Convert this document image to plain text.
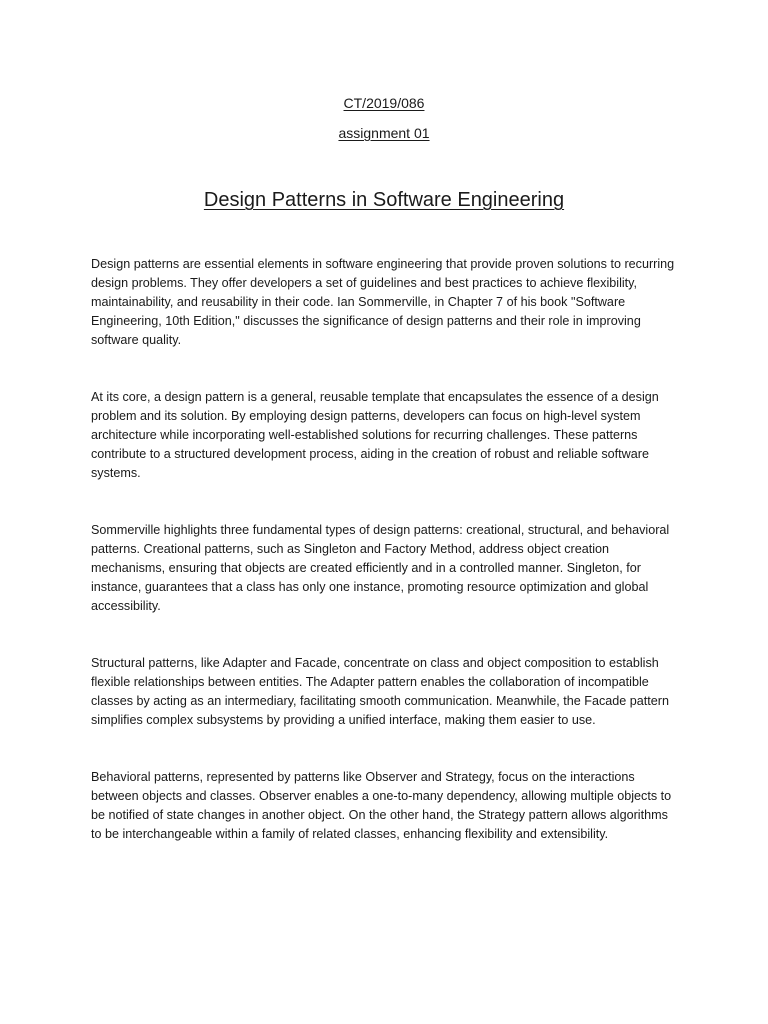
CT/2019/086
assignment 01
Design Patterns in Software Engineering

Design patterns are essential elements in software engineering that provide proven solutions to recurring design problems. They offer developers a set of guidelines and best practices to achieve flexibility, maintainability, and reusability in their code. Ian Sommerville, in Chapter 7 of his book "Software Engineering, 10th Edition," discusses the significance of design patterns and their role in improving software quality.

At its core, a design pattern is a general, reusable template that encapsulates the essence of a design problem and its solution. By employing design patterns, developers can focus on high-level system architecture while incorporating well-established solutions for recurring challenges. These patterns contribute to a structured development process, aiding in the creation of robust and reliable software systems.

Sommerville highlights three fundamental types of design patterns: creational, structural, and behavioral patterns. Creational patterns, such as Singleton and Factory Method, address object creation mechanisms, ensuring that objects are created efficiently and in a controlled manner. Singleton, for instance, guarantees that a class has only one instance, promoting resource optimization and global accessibility.

Structural patterns, like Adapter and Facade, concentrate on class and object composition to establish flexible relationships between entities. The Adapter pattern enables the collaboration of incompatible classes by acting as an intermediary, facilitating smooth communication. Meanwhile, the Facade pattern simplifies complex subsystems by providing a unified interface, making them easier to use.

Behavioral patterns, represented by patterns like Observer and Strategy, focus on the interactions between objects and classes. Observer enables a one-to-many dependency, allowing multiple objects to be notified of state changes in another object. On the other hand, the Strategy pattern allows algorithms to be interchangeable within a family of related classes, enhancing flexibility and extensibility.
